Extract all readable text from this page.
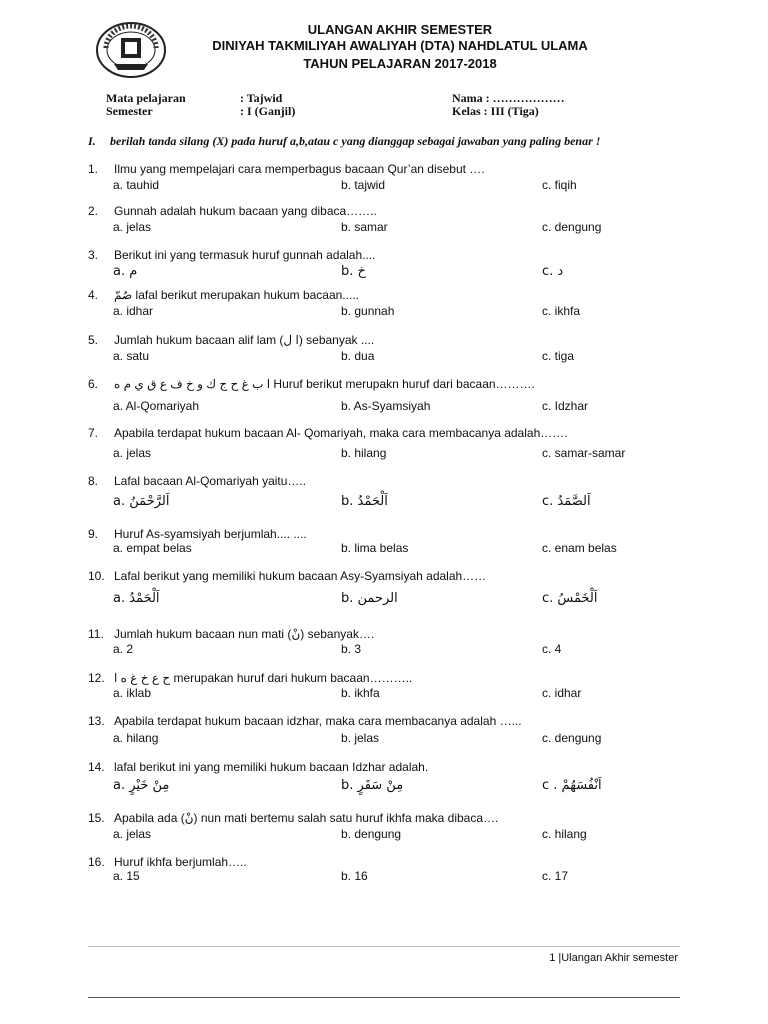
ULANGAN AKHIR SEMESTER
DINIYAH TAKMILIYAH AWALIYAH (DTA) NAHDLATUL ULAMA
TAHUN PELAJARAN 2017-2018
Mata pelajaran	: Tajwid
Semester	: I (Ganjil)
Nama : ………………
Kelas : III (Tiga)
I. berilah tanda silang (X) pada huruf a,b,atau c yang dianggap sebagai jawaban yang paling benar !
1. Ilmu yang mempelajari cara memperbagus bacaan Qur’an disebut ….
a. tauhid	b. tajwid	c. fiqih
2. Gunnah adalah hukum bacaan yang dibaca……..
a. jelas	b. samar	c. dengung
3. Berikut ini yang termasuk huruf gunnah adalah....
a. م	b. خ	c. د
4. صُمّ lafal berikut merupakan hukum bacaan.....
a. idhar	b. gunnah	c. ikhfa
5. Jumlah hukum bacaan alif lam (ا ل) sebanyak ....
a. satu	b. dua	c. tiga
6. ا ب غ ح ج ك و خ ف ع ق ي م ه Huruf berikut merupakn huruf dari bacaan……….
a. Al-Qomariyah	b. As-Syamsiyah	c. Idzhar
7. Apabila terdapat hukum bacaan Al- Qomariyah, maka cara membacanya adalah…….
a. jelas	b. hilang	c. samar-samar
8. Lafal bacaan Al-Qomariyah yaitu…..
a. اَلرَّحْمَنُ	b. اَلْحَمْدُ	c. اَلصَّمَدُ
9. Huruf As-syamsiyah berjumlah.... ....
a. empat belas	b. lima belas	c. enam belas
10. Lafal berikut yang memiliki hukum bacaan Asy-Syamsiyah adalah……
a. اَلْحَمْدُ	b. الرحمن	c. اَلْخَمْسُ
11. Jumlah hukum bacaan nun mati (نْ) sebanyak….
a. 2	b. 3	c. 4
12. ح ع خ غ ه ا merupakan huruf dari hukum bacaan………..
a. iklab	b. ikhfa	c. idhar
13. Apabila terdapat hukum bacaan idzhar, maka cara membacanya adalah …...
a. hilang	b. jelas	c. dengung
14. lafal berikut ini yang memiliki hukum bacaan Idzhar adalah.
a. مِنْ خَيْرٍ	b. مِنْ سَقَرٍ	c . اَنْفُسَهُمْ
15. Apabila ada (نْ) nun mati bertemu salah satu huruf ikhfa maka dibaca….
a. jelas	b. dengung	c. hilang
16. Huruf ikhfa berjumlah…..
a. 15	b. 16	c. 17
1 |Ulangan Akhir semester
